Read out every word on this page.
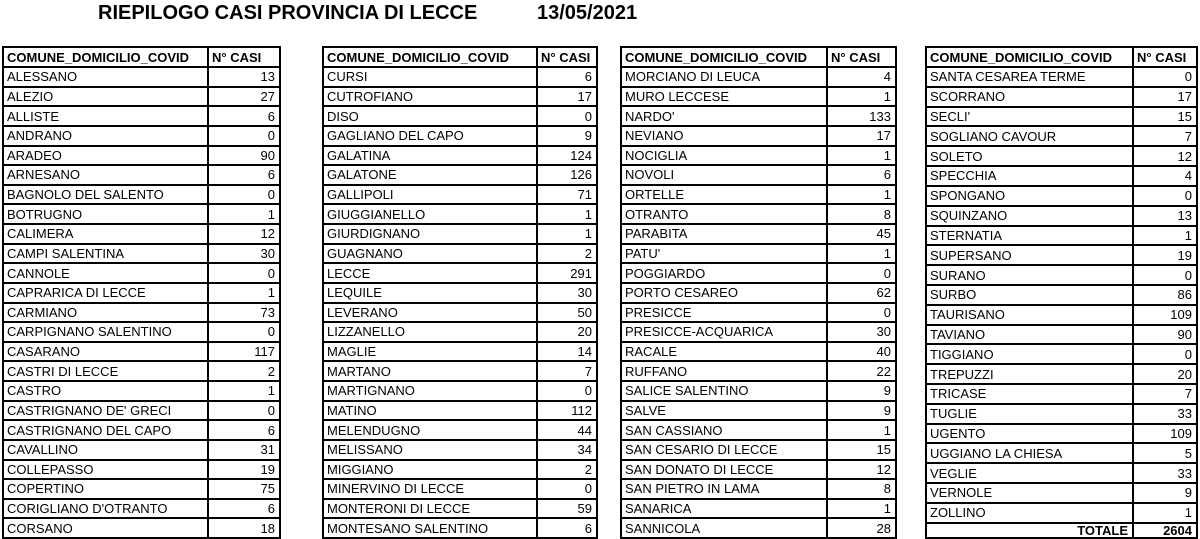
RIEPILOGO CASI PROVINCIA DI LECCE	13/05/2021
COMUNE_DOMICILIO_COVID	N° CASI
ALESSANO	13
ALEZIO	27
ALLISTE	6
ANDRANO	0
ARADEO	90
ARNESANO	6
BAGNOLO DEL SALENTO	0
BOTRUGNO	1
CALIMERA	12
CAMPI SALENTINA	30
CANNOLE	0
CAPRARICA DI LECCE	1
CARMIANO	73
CARPIGNANO SALENTINO	0
CASARANO	117
CASTRI DI LECCE	2
CASTRO	1
CASTRIGNANO DE' GRECI	0
CASTRIGNANO DEL CAPO	6
CAVALLINO	31
COLLEPASSO	19
COPERTINO	75
CORIGLIANO D'OTRANTO	6
CORSANO	18
COMUNE_DOMICILIO_COVID	N° CASI
CURSI	6
CUTROFIANO	17
DISO	0
GAGLIANO DEL CAPO	9
GALATINA	124
GALATONE	126
GALLIPOLI	71
GIUGGIANELLO	1
GIURDIGNANO	1
GUAGNANO	2
LECCE	291
LEQUILE	30
LEVERANO	50
LIZZANELLO	20
MAGLIE	14
MARTANO	7
MARTIGNANO	0
MATINO	112
MELENDUGNO	44
MELISSANO	34
MIGGIANO	2
MINERVINO DI LECCE	0
MONTERONI DI LECCE	59
MONTESANO SALENTINO	6
COMUNE_DOMICILIO_COVID	N° CASI
MORCIANO DI LEUCA	4
MURO LECCESE	1
NARDO'	133
NEVIANO	17
NOCIGLIA	1
NOVOLI	6
ORTELLE	1
OTRANTO	8
PARABITA	45
PATU'	1
POGGIARDO	0
PORTO CESAREO	62
PRESICCE	0
PRESICCE-ACQUARICA	30
RACALE	40
RUFFANO	22
SALICE SALENTINO	9
SALVE	9
SAN CASSIANO	1
SAN CESARIO DI LECCE	15
SAN DONATO DI LECCE	12
SAN PIETRO IN LAMA	8
SANARICA	1
SANNICOLA	28
COMUNE_DOMICILIO_COVID	N° CASI
SANTA CESAREA TERME	0
SCORRANO	17
SECLI'	15
SOGLIANO CAVOUR	7
SOLETO	12
SPECCHIA	4
SPONGANO	0
SQUINZANO	13
STERNATIA	1
SUPERSANO	19
SURANO	0
SURBO	86
TAURISANO	109
TAVIANO	90
TIGGIANO	0
TREPUZZI	20
TRICASE	7
TUGLIE	33
UGENTO	109
UGGIANO LA CHIESA	5
VEGLIE	33
VERNOLE	9
ZOLLINO	1
TOTALE	2604
